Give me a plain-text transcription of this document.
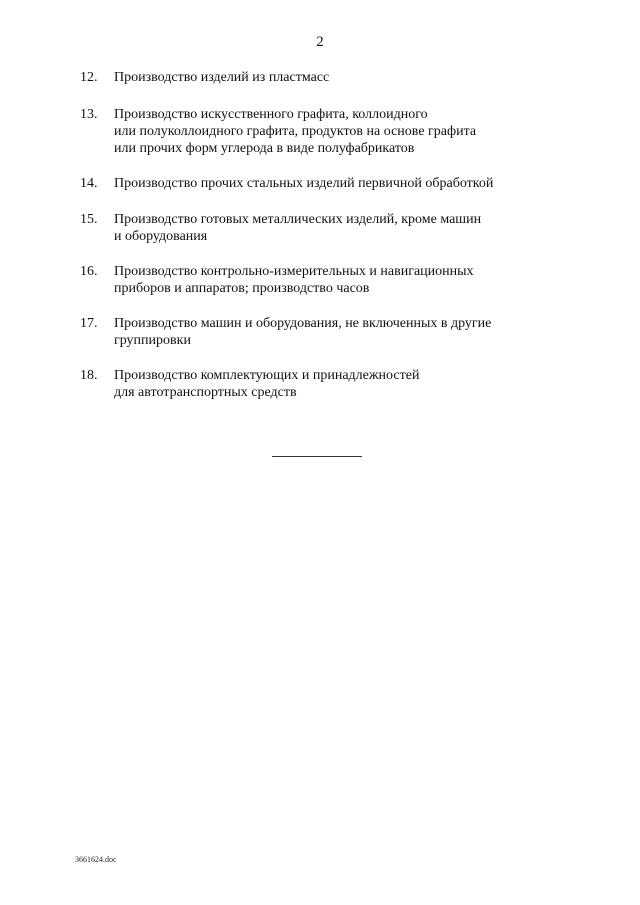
2
12.	Производство изделий из пластмасс
13.	Производство искусственного графита, коллоидного
или полуколлоидного графита, продуктов на основе графита
или прочих форм углерода в виде полуфабрикатов
14.	Производство прочих стальных изделий первичной обработкой
15.	Производство готовых металлических изделий, кроме машин
и оборудования
16.	Производство контрольно-измерительных и навигационных
приборов и аппаратов; производство часов
17.	Производство машин и оборудования, не включенных в другие
группировки
18.	Производство комплектующих и принадлежностей
для автотранспортных средств
3661624.doc
